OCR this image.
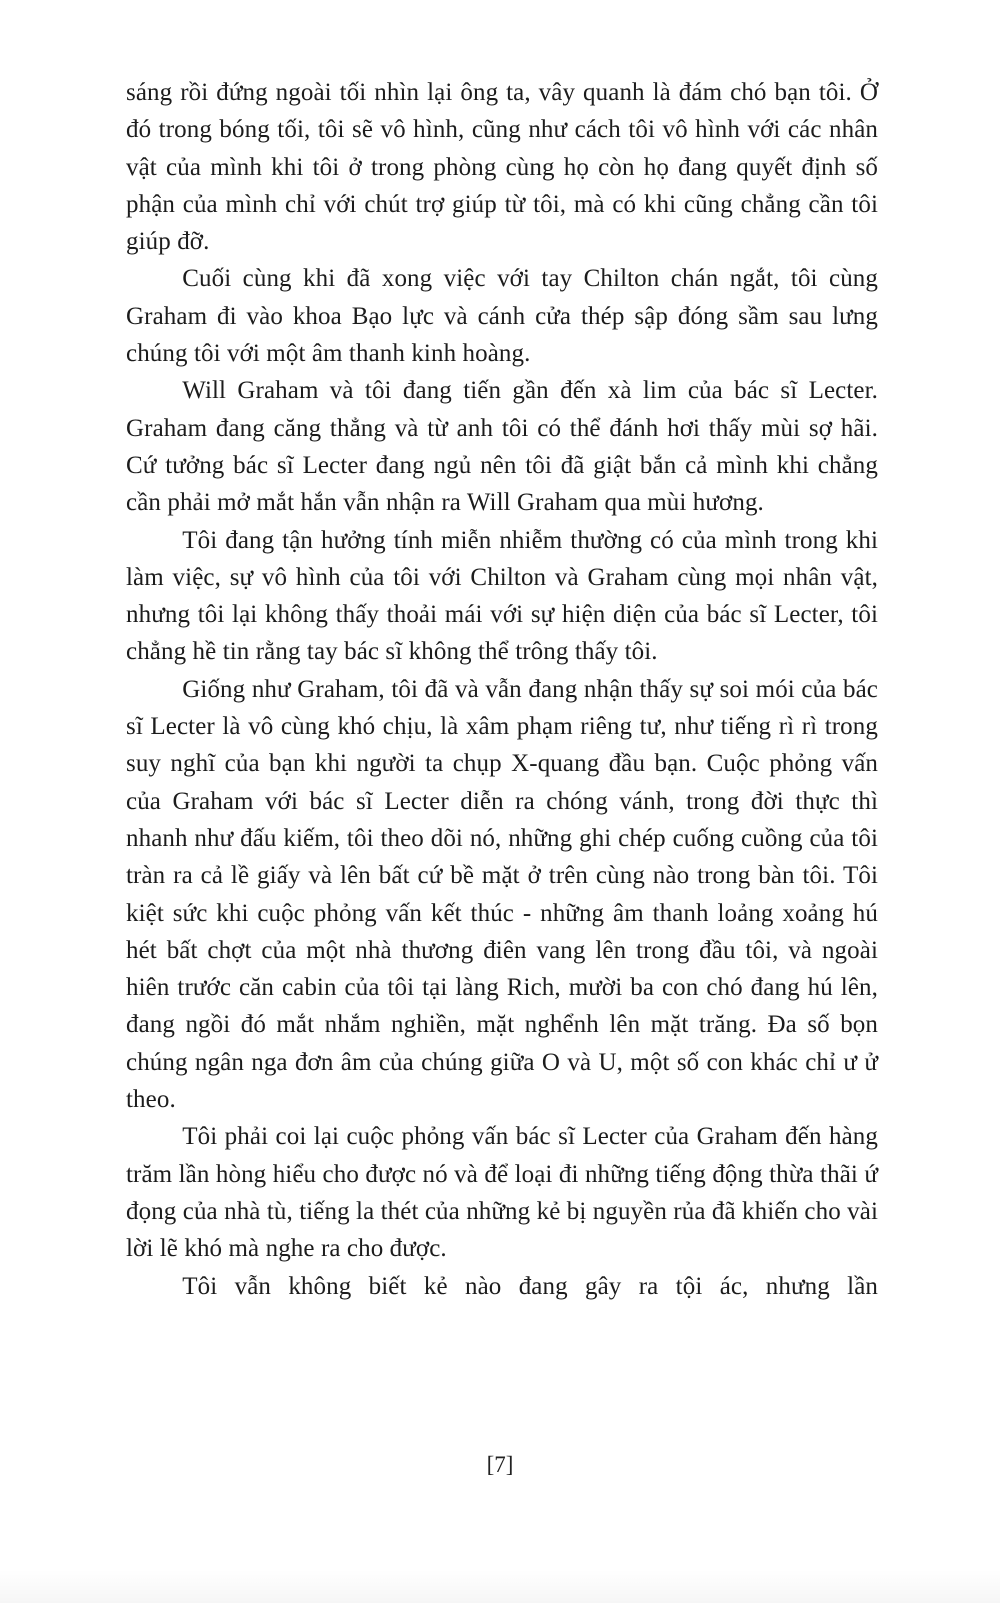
sáng rồi đứng ngoài tối nhìn lại ông ta, vây quanh là đám chó bạn tôi. Ở đó trong bóng tối, tôi sẽ vô hình, cũng như cách tôi vô hình với các nhân vật của mình khi tôi ở trong phòng cùng họ còn họ đang quyết định số phận của mình chỉ với chút trợ giúp từ tôi, mà có khi cũng chẳng cần tôi giúp đỡ.

Cuối cùng khi đã xong việc với tay Chilton chán ngắt, tôi cùng Graham đi vào khoa Bạo lực và cánh cửa thép sập đóng sầm sau lưng chúng tôi với một âm thanh kinh hoàng.

Will Graham và tôi đang tiến gần đến xà lim của bác sĩ Lecter. Graham đang căng thẳng và từ anh tôi có thể đánh hơi thấy mùi sợ hãi. Cứ tưởng bác sĩ Lecter đang ngủ nên tôi đã giật bắn cả mình khi chẳng cần phải mở mắt hắn vẫn nhận ra Will Graham qua mùi hương.

Tôi đang tận hưởng tính miễn nhiễm thường có của mình trong khi làm việc, sự vô hình của tôi với Chilton và Graham cùng mọi nhân vật, nhưng tôi lại không thấy thoải mái với sự hiện diện của bác sĩ Lecter, tôi chẳng hề tin rằng tay bác sĩ không thể trông thấy tôi.

Giống như Graham, tôi đã và vẫn đang nhận thấy sự soi mói của bác sĩ Lecter là vô cùng khó chịu, là xâm phạm riêng tư, như tiếng rì rì trong suy nghĩ của bạn khi người ta chụp X-quang đầu bạn. Cuộc phỏng vấn của Graham với bác sĩ Lecter diễn ra chóng vánh, trong đời thực thì nhanh như đấu kiếm, tôi theo dõi nó, những ghi chép cuống cuồng của tôi tràn ra cả lề giấy và lên bất cứ bề mặt ở trên cùng nào trong bàn tôi. Tôi kiệt sức khi cuộc phỏng vấn kết thúc - những âm thanh loảng xoảng hú hét bất chợt của một nhà thương điên vang lên trong đầu tôi, và ngoài hiên trước căn cabin của tôi tại làng Rich, mười ba con chó đang hú lên, đang ngồi đó mắt nhắm nghiền, mặt nghểnh lên mặt trăng. Đa số bọn chúng ngân nga đơn âm của chúng giữa O và U, một số con khác chỉ ư ử theo.

Tôi phải coi lại cuộc phỏng vấn bác sĩ Lecter của Graham đến hàng trăm lần hòng hiểu cho được nó và để loại đi những tiếng động thừa thãi ứ đọng của nhà tù, tiếng la thét của những kẻ bị nguyền rủa đã khiến cho vài lời lẽ khó mà nghe ra cho được.

Tôi vẫn không biết kẻ nào đang gây ra tội ác, nhưng lần

[7]
